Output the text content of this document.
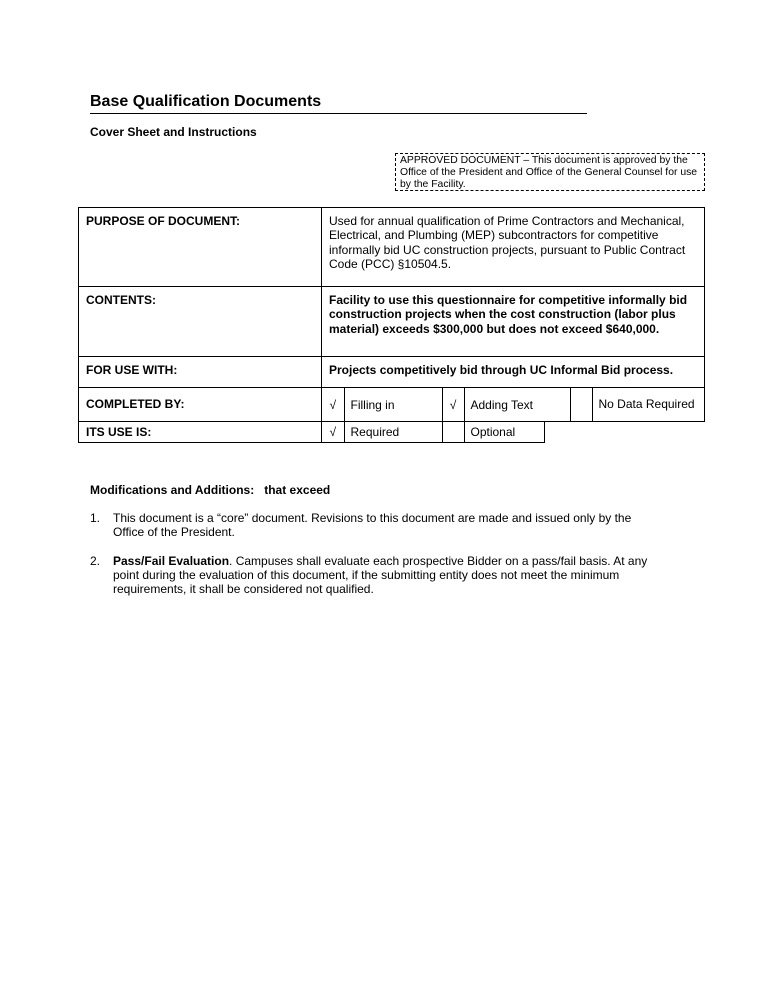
Base Qualification Documents
Cover Sheet and Instructions
APPROVED DOCUMENT – This document is approved by the Office of the President and Office of the General Counsel for use by the Facility.
PURPOSE OF DOCUMENT:	Used for annual qualification of Prime Contractors and Mechanical, Electrical, and Plumbing (MEP) subcontractors for competitive informally bid UC construction projects, pursuant to Public Contract Code (PCC) §10504.5.
CONTENTS:	Facility to use this questionnaire for competitive informally bid construction projects when the cost construction (labor plus material) exceeds $300,000 but does not exceed $640,000.
FOR USE WITH:	Projects competitively bid through UC Informal Bid process.
COMPLETED BY:		√	Filling in	√	Adding Text		No Data Required

ITS USE IS:		√	Required		Optional
Modifications and Additions: that exceed
1. This document is a “core” document. Revisions to this document are made and issued only by the Office of the President.
2. Pass/Fail Evaluation. Campuses shall evaluate each prospective Bidder on a pass/fail basis. At any point during the evaluation of this document, if the submitting entity does not meet the minimum requirements, it shall be considered not qualified.
